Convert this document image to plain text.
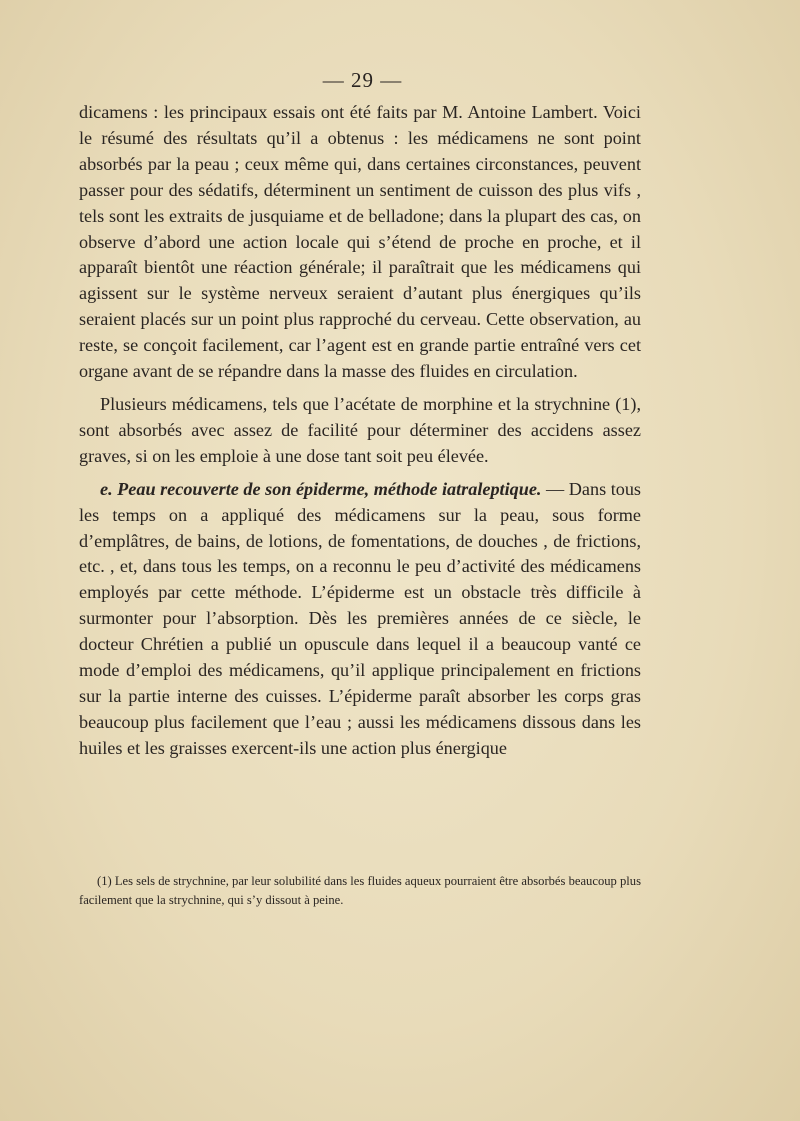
— 29 —

dicamens : les principaux essais ont été faits par M. Antoine Lambert. Voici le résumé des résultats qu’il a obtenus : les médicamens ne sont point absorbés par la peau ; ceux même qui, dans certaines circonstances, peuvent passer pour des sédatifs, déterminent un sentiment de cuisson des plus vifs , tels sont les extraits de jusquiame et de belladone; dans la plupart des cas, on observe d’abord une action locale qui s’étend de proche en proche, et il apparaît bientôt une réaction générale; il paraîtrait que les médicamens qui agissent sur le système nerveux seraient d’autant plus énergiques qu’ils seraient placés sur un point plus rapproché du cerveau. Cette observation, au reste, se conçoit facilement, car l’agent est en grande partie entraîné vers cet organe avant de se répandre dans la masse des fluides en circulation.

Plusieurs médicamens, tels que l’acétate de morphine et la strychnine (1), sont absorbés avec assez de facilité pour déterminer des accidens assez graves, si on les emploie à une dose tant soit peu élevée.

e. Peau recouverte de son épiderme, méthode iatraleptique. — Dans tous les temps on a appliqué des médicamens sur la peau, sous forme d’emplâtres, de bains, de lotions, de fomentations, de douches , de frictions, etc. , et, dans tous les temps, on a reconnu le peu d’activité des médicamens employés par cette méthode. L’épiderme est un obstacle très difficile à surmonter pour l’absorption. Dès les premières années de ce siècle, le docteur Chrétien a publié un opuscule dans lequel il a beaucoup vanté ce mode d’emploi des médicamens, qu’il applique principalement en frictions sur la partie interne des cuisses. L’épiderme paraît absorber les corps gras beaucoup plus facilement que l’eau ; aussi les médicamens dissous dans les huiles et les graisses exercent-ils une action plus énergique

(1) Les sels de strychnine, par leur solubilité dans les fluides aqueux pourraient être absorbés beaucoup plus facilement que la strychnine, qui s’y dissout à peine.
